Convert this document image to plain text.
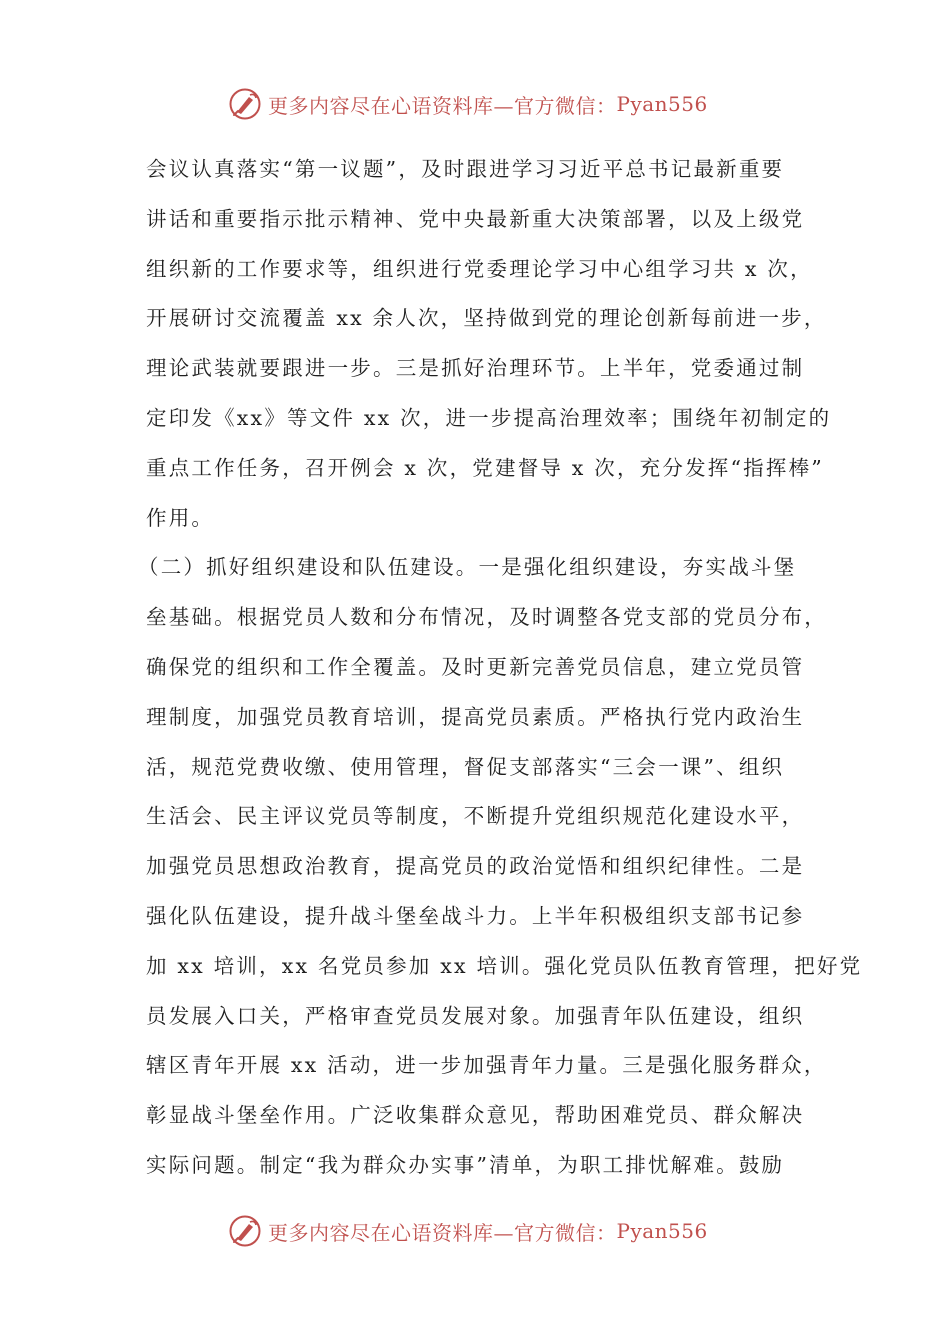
更多内容尽在心语资料库—官方微信： Pyan556
会议认真落实“第一议题”，及时跟进学习习近平总书记最新重要
讲话和重要指示批示精神、党中央最新重大决策部署，以及上级党
组织新的工作要求等，组织进行党委理论学习中心组学习共 x 次，
开展研讨交流覆盖 xx 余人次，坚持做到党的理论创新每前进一步，
理论武装就要跟进一步。三是抓好治理环节。上半年，党委通过制
定印发《xx》等文件 xx 次，进一步提高治理效率；围绕年初制定的
重点工作任务，召开例会 x 次，党建督导 x 次，充分发挥“指挥棒”
作用。
（二）抓好组织建设和队伍建设。一是强化组织建设，夯实战斗堡
垒基础。根据党员人数和分布情况，及时调整各党支部的党员分布，
确保党的组织和工作全覆盖。及时更新完善党员信息，建立党员管
理制度，加强党员教育培训，提高党员素质。严格执行党内政治生
活，规范党费收缴、使用管理，督促支部落实“三会一课”、组织
生活会、民主评议党员等制度，不断提升党组织规范化建设水平，
加强党员思想政治教育，提高党员的政治觉悟和组织纪律性。二是
强化队伍建设，提升战斗堡垒战斗力。上半年积极组织支部书记参
加 xx 培训，xx 名党员参加 xx 培训。强化党员队伍教育管理，把好党
员发展入口关，严格审查党员发展对象。加强青年队伍建设，组织
辖区青年开展 xx 活动，进一步加强青年力量。三是强化服务群众，
彰显战斗堡垒作用。广泛收集群众意见，帮助困难党员、群众解决
实际问题。制定“我为群众办实事”清单，为职工排忧解难。鼓励
更多内容尽在心语资料库—官方微信： Pyan556
